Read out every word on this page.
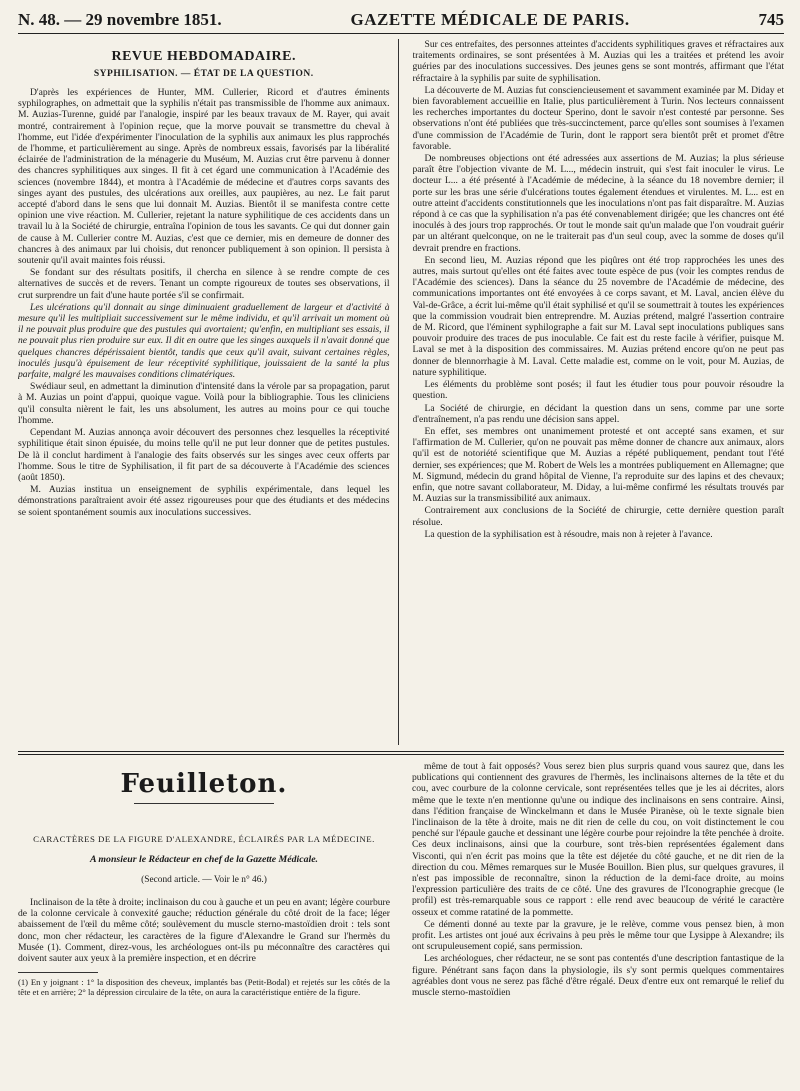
N. 48. — 29 novembre 1851.	GAZETTE MÉDICALE DE PARIS.	745
REVUE HEBDOMADAIRE.
SYPHILISATION. — ÉTAT DE LA QUESTION.

D'après les expériences de Hunter, MM. Cullerier, Ricord et d'autres éminents syphilographes, on admettait que la syphilis n'était pas transmissible de l'homme aux animaux. M. Auzias-Turenne, guidé par l'analogie, inspiré par les beaux travaux de M. Rayer, qui avait montré, contrairement à l'opinion reçue, que la morve pouvait se transmettre du cheval à l'homme, eut l'idée d'expérimenter l'inoculation de la syphilis aux animaux les plus rapprochés de l'homme, et particulièrement au singe. Après de nombreux essais, favorisés par la libéralité éclairée de l'administration de la ménagerie du Muséum, M. Auzias crut être parvenu à donner des chancres syphilitiques aux singes. Il fit à cet égard une communication à l'Académie des sciences (novembre 1844), et montra à l'Académie de médecine et d'autres corps savants des singes ayant des pustules, des ulcérations aux oreilles, aux paupières, au nez. Le fait parut accepté d'abord dans le sens que lui donnait M. Auzias. Bientôt il se manifesta contre cette opinion une vive réaction. M. Cullerier, rejetant la nature syphilitique de ces accidents dans un travail lu à la Société de chirurgie, entraîna l'opinion de tous les savants. Ce qui dut donner gain de cause à M. Cullerier contre M. Auzias, c'est que ce dernier, mis en demeure de donner des chancres à des animaux par lui choisis, dut renoncer publiquement à son opinion. Il persista à soutenir qu'il avait maintes fois réussi.

Se fondant sur des résultats positifs, il chercha en silence à se rendre compte de ces alternatives de succès et de revers. Tenant un compte rigoureux de toutes ses observations, il crut surprendre un fait d'une haute portée s'il se confirmait.

Les ulcérations qu'il donnait au singe diminuaient graduellement de largeur et d'activité à mesure qu'il les multipliait successivement sur le même individu, et qu'il arrivait un moment où il ne pouvait plus produire que des pustules qui avortaient; qu'enfin, en multipliant ses essais, il ne pouvait plus rien produire sur eux. Il dit en outre que les singes auxquels il n'avait donné que quelques chancres dépérissaient bientôt, tandis que ceux qu'il avait, suivant certaines règles, inoculés jusqu'à épuisement de leur réceptivité syphilitique, jouissaient de la santé la plus parfaite, malgré les mauvaises conditions climatériques.

Swédiaur seul, en admettant la diminution d'intensité dans la vérole par sa propagation, parut à M. Auzias un point d'appui, quoique vague. Voilà pour la bibliographie. Tous les cliniciens qu'il consulta nièrent le fait, les uns absolument, les autres au moins pour ce qui touche l'homme.

Cependant M. Auzias annonça avoir découvert des personnes chez lesquelles la réceptivité syphilitique était sinon épuisée, du moins telle qu'il ne put leur donner que de petites pustules. De là il conclut hardiment à l'analogie des faits observés sur les singes avec ceux offerts par l'homme. Sous le titre de Syphilisation, il fit part de sa découverte à l'Académie des sciences (août 1850).

M. Auzias institua un enseignement de syphilis expérimentale, dans lequel les démonstrations paraîtraient avoir été assez rigoureuses pour que des étudiants et des médecins se soient spontanément soumis aux inoculations successives.

Sur ces entrefaites, des personnes atteintes d'accidents syphilitiques graves et réfractaires aux traitements ordinaires, se sont présentées à M. Auzias qui les a traitées et prétend les avoir guéries par des inoculations successives. Des jeunes gens se sont montrés, affirmant que l'état réfractaire à la syphilis par suite de syphilisation.

La découverte de M. Auzias fut consciencieusement et savamment examinée par M. Diday et bien favorablement accueillie en Italie, plus particulièrement à Turin. Nos lecteurs connaissent les recherches importantes du docteur Sperino, dont le savoir n'est contesté par personne. Ses observations n'ont été publiées que très-succinctement, parce qu'elles sont soumises à l'examen d'une commission de l'Académie de Turin, dont le rapport sera bientôt prêt et promet d'être favorable.

De nombreuses objections ont été adressées aux assertions de M. Auzias; la plus sérieuse paraît être l'objection vivante de M. L..., médecin instruit, qui s'est fait inoculer le virus. Le docteur L... a été présenté à l'Académie de médecine, à la séance du 18 novembre dernier; il porte sur les bras une série d'ulcérations toutes également étendues et virulentes. M. L... est en outre atteint d'accidents constitutionnels que les inoculations n'ont pas fait disparaître. M. Auzias répond à ce cas que la syphilisation n'a pas été convenablement dirigée; que les chancres ont été inoculés à des jours trop rapprochés. Or tout le monde sait qu'un malade que l'on voudrait guérir par un altérant quelconque, on ne le traiterait pas d'un seul coup, avec la somme de doses qu'il devrait prendre en fractions.

En second lieu, M. Auzias répond que les piqûres ont été trop rapprochées les unes des autres, mais surtout qu'elles ont été faites avec toute espèce de pus (voir les comptes rendus de l'Académie des sciences). Dans la séance du 25 novembre de l'Académie de médecine, des communications importantes ont été envoyées à ce corps savant, et M. Laval, ancien élève du Val-de-Grâce, a écrit lui-même qu'il était syphilisé et qu'il se soumettrait à toutes les expériences que la commission voudrait bien entreprendre. M. Auzias prétend, malgré l'assertion contraire de M. Ricord, que l'éminent syphilographe a fait sur M. Laval sept inoculations publiques sans pouvoir produire des traces de pus inoculable. Ce fait est du reste facile à vérifier, puisque M. Laval se met à la disposition des commissaires. M. Auzias prétend encore qu'on ne peut pas donner de blennorrhagie à M. Laval. Cette maladie est, comme on le voit, pour M. Auzias, de nature syphilitique.

Les éléments du problème sont posés; il faut les étudier tous pour pouvoir résoudre la question.

La Société de chirurgie, en décidant la question dans un sens, comme par une sorte d'entraînement, n'a pas rendu une décision sans appel.

En effet, ses membres ont unanimement protesté et ont accepté sans examen, et sur l'affirmation de M. Cullerier, qu'on ne pouvait pas même donner de chancre aux animaux, alors qu'il est de notoriété scientifique que M. Auzias a répété publiquement, pendant tout l'été dernier, ses expériences; que M. Robert de Wels les a montrées publiquement en Allemagne; que M. Sigmund, médecin du grand hôpital de Vienne, l'a reproduite sur des lapins et des chevaux; enfin, que notre savant collaborateur, M. Diday, a lui-même confirmé les résultats trouvés par M. Auzias sur la transmissibilité aux animaux.

Contrairement aux conclusions de la Société de chirurgie, cette dernière question paraît résolue.

La question de la syphilisation est à résoudre, mais non à rejeter à l'avance.

Feuilleton.
CARACTÈRES DE LA FIGURE D'ALEXANDRE, ÉCLAIRÉS PAR LA MÉDECINE.
A monsieur le Rédacteur en chef de la Gazette Médicale.
(Second article. — Voir le n° 46.)

Inclinaison de la tête à droite; inclinaison du cou à gauche et un peu en avant; légère courbure de la colonne cervicale à convexité gauche; réduction générale du côté droit de la face; léger abaissement de l'œil du même côté; soulèvement du muscle sterno-mastoïdien droit : tels sont donc, mon cher rédacteur, les caractères de la figure d'Alexandre le Grand sur l'hermès du Musée (1). Comment, direz-vous, les archéologues ont-ils pu méconnaître des caractères qui doivent sauter aux yeux à la première inspection, et en décrire

(1) En y joignant : 1° la disposition des cheveux, implantés bas (Petit-Bodal) et rejetés sur les côtés de la tête et en arrière; 2° la dépression circulaire de la tête, on aura la caractéristique entière de la figure.

même de tout à fait opposés? Vous serez bien plus surpris quand vous saurez que, dans les publications qui contiennent des gravures de l'hermès, les inclinaisons alternes de la tête et du cou, avec courbure de la colonne cervicale, sont représentées telles que je les ai décrites, alors même que le texte n'en mentionne qu'une ou indique des inclinaisons en sens contraire. Ainsi, dans l'édition française de Winckelmann et dans le Musée Piranèse, où le texte signale bien l'inclinaison de la tête à droite, mais ne dit rien de celle du cou, on voit distinctement le cou penché sur l'épaule gauche et dessinant une légère courbe pour rejoindre la tête penchée à droite. Ces deux inclinaisons, ainsi que la courbure, sont très-bien représentées également dans Visconti, qui n'en écrit pas moins que la tête est déjetée du côté gauche, et ne dit rien de la direction du cou. Mêmes remarques sur le Musée Bouillon. Bien plus, sur quelques gravures, il n'est pas impossible de reconnaître, sinon la réduction de la demi-face droite, au moins l'expression particulière des traits de ce côté. Une des gravures de l'Iconographie grecque (le profil) est très-remarquable sous ce rapport : elle rend avec beaucoup de vérité le caractère osseux et comme ratatiné de la pommette.

Ce démenti donné au texte par la gravure, je le relève, comme vous pensez bien, à mon profit. Les artistes ont joué aux écrivains à peu près le même tour que Lysippe à Alexandre; ils ont scrupuleusement copié, sans permission.

Les archéologues, cher rédacteur, ne se sont pas contentés d'une description fantastique de la figure. Pénétrant sans façon dans la physiologie, ils s'y sont permis quelques commentaires agréables dont vous ne serez pas fâché d'être régalé. Deux d'entre eux ont remarqué le relief du muscle sterno-mastoïdien
